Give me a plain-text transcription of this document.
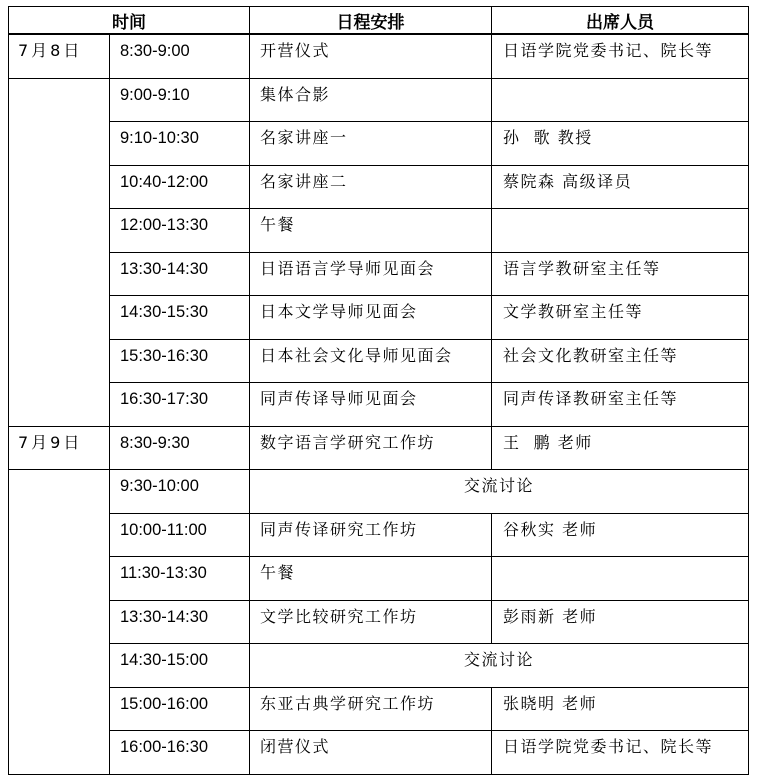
时间		日程安排	出席人员
7月8日	8:30-9:00	开营仪式	日语学院党委书记、院长等
	9:00-9:10	集体合影	
	9:10-10:30	名家讲座一	孙  歌 教授
	10:40-12:00	名家讲座二	蔡院森 高级译员
	12:00-13:30	午餐	
	13:30-14:30	日语语言学导师见面会	语言学教研室主任等
	14:30-15:30	日本文学导师见面会	文学教研室主任等
	15:30-16:30	日本社会文化导师见面会	社会文化教研室主任等
	16:30-17:30	同声传译导师见面会	同声传译教研室主任等
7月9日	8:30-9:30	数字语言学研究工作坊	王  鹏 老师
	9:30-10:00	交流讨论	
	10:00-11:00	同声传译研究工作坊	谷秋实 老师
	11:30-13:30	午餐	
	13:30-14:30	文学比较研究工作坊	彭雨新 老师
	14:30-15:00	交流讨论	
	15:00-16:00	东亚古典学研究工作坊	张晓明 老师
	16:00-16:30	闭营仪式	日语学院党委书记、院长等
